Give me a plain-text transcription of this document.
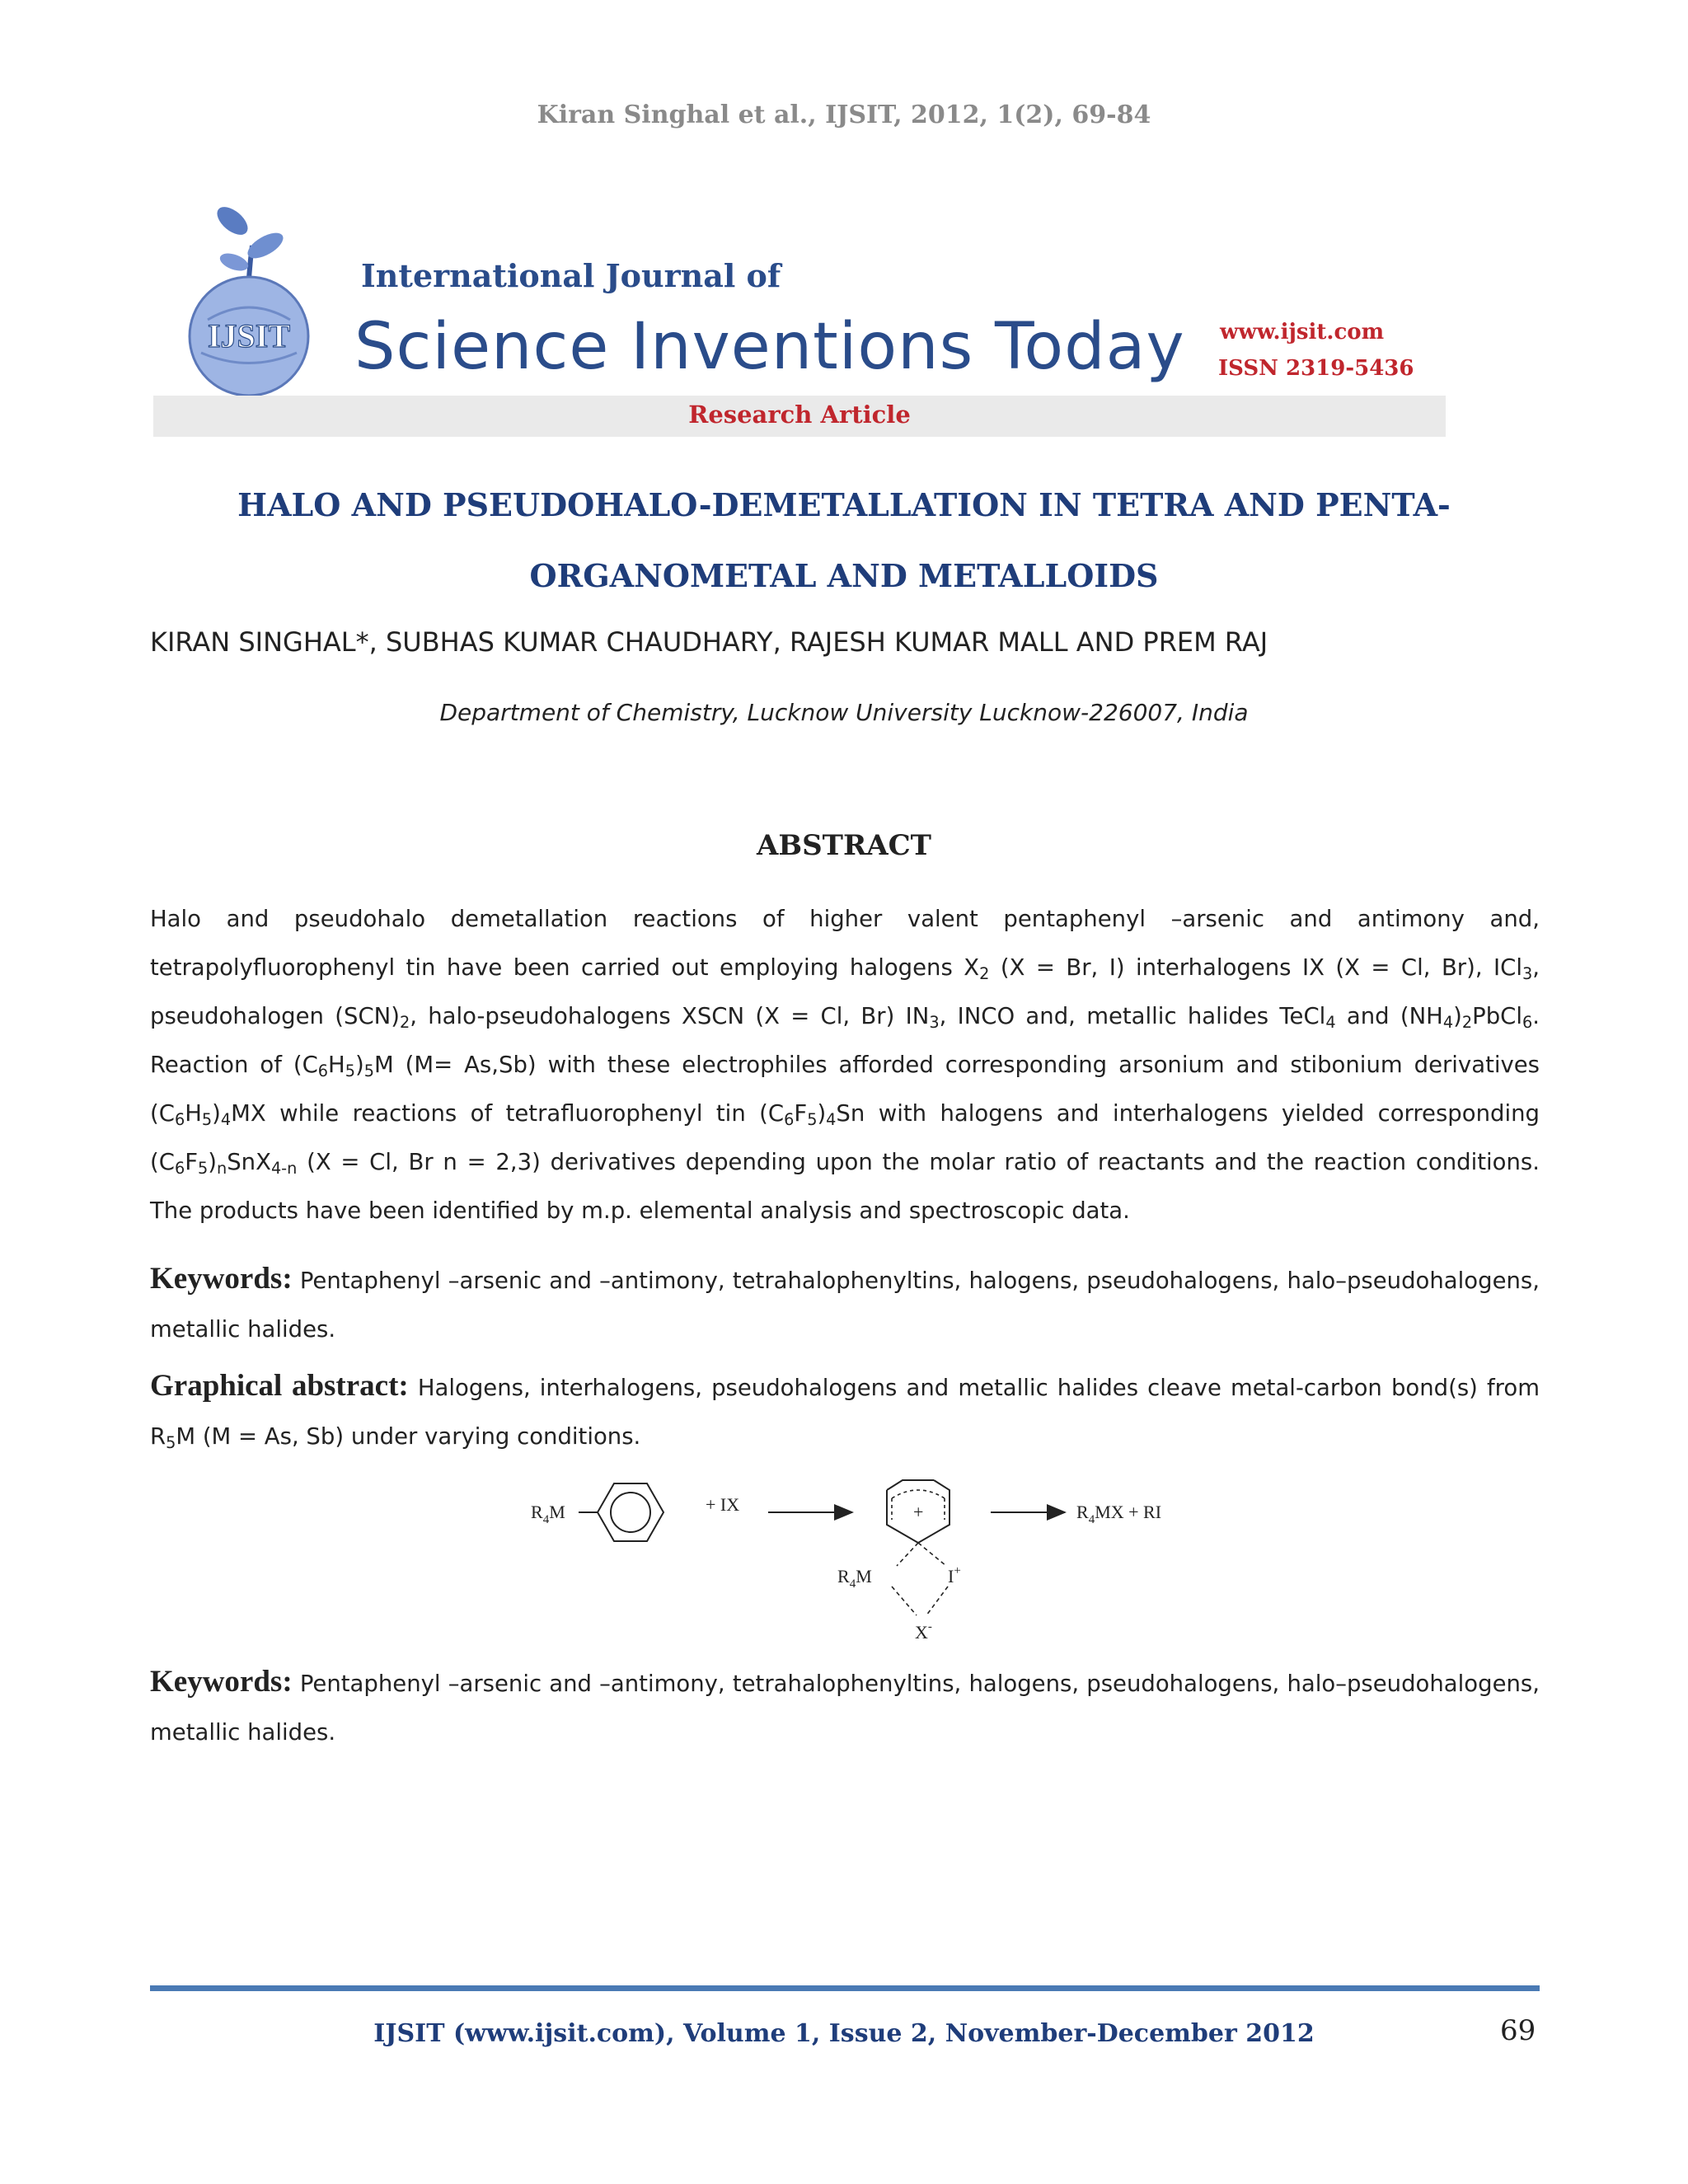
Kiran Singhal et al., IJSIT, 2012, 1(2), 69-84
IJSIT
International Journal of
Science Inventions Today www.ijsit.com
ISSN 2319-5436
Research Article
HALO AND PSEUDOHALO-DEMETALLATION IN TETRA AND PENTA-
ORGANOMETAL AND METALLOIDS
KIRAN SINGHAL*, SUBHAS KUMAR CHAUDHARY, RAJESH KUMAR MALL AND PREM RAJ
Department of Chemistry, Lucknow University Lucknow-226007, India
ABSTRACT
Halo and pseudohalo demetallation reactions of higher valent pentaphenyl –arsenic and antimony and, tetrapolyfluorophenyl tin have been carried out employing halogens $X_2$ (X = Br, I) interhalogens IX (X = Cl, Br), ICl$_3$, pseudohalogen $(SCN)_2$, halo-pseudohalogens XSCN (X = Cl, Br) $IN_3$, INCO and, metallic halides TeCl$_4$ and $(NH_4)_2PbCl_6$. Reaction of $(C_6H_5)_5M$ (M= As,Sb) with these electrophiles afforded corresponding arsonium and stibonium derivatives $(C_6H_5)_4MX$ while reactions of tetrafluorophenyl tin $(C_6F_5)_4Sn$ with halogens and interhalogens yielded corresponding $(C_6F_5)_nSnX_{4-n}$ (X = Cl, Br n = 2,3) derivatives depending upon the molar ratio of reactants and the reaction conditions. The products have been identified by m.p. elemental analysis and spectroscopic data.
Keywords: Pentaphenyl –arsenic and –antimony, tetrahalophenyltins, halogens, pseudohalogens, halo–pseudohalogens, metallic halides.
Graphical abstract: Halogens, interhalogens, pseudohalogens and metallic halides cleave metal-carbon bond(s) from $R_5M$ (M = As, Sb) under varying conditions.
$R_4M$	+ IX	+
$R_4M$	I+
X-
$R_4MX$ + RI
Keywords: Pentaphenyl –arsenic and –antimony, tetrahalophenyltins, halogens, pseudohalogens, halo–pseudohalogens, metallic halides.
IJSIT (www.ijsit.com), Volume 1, Issue 2, November-December 2012	69
